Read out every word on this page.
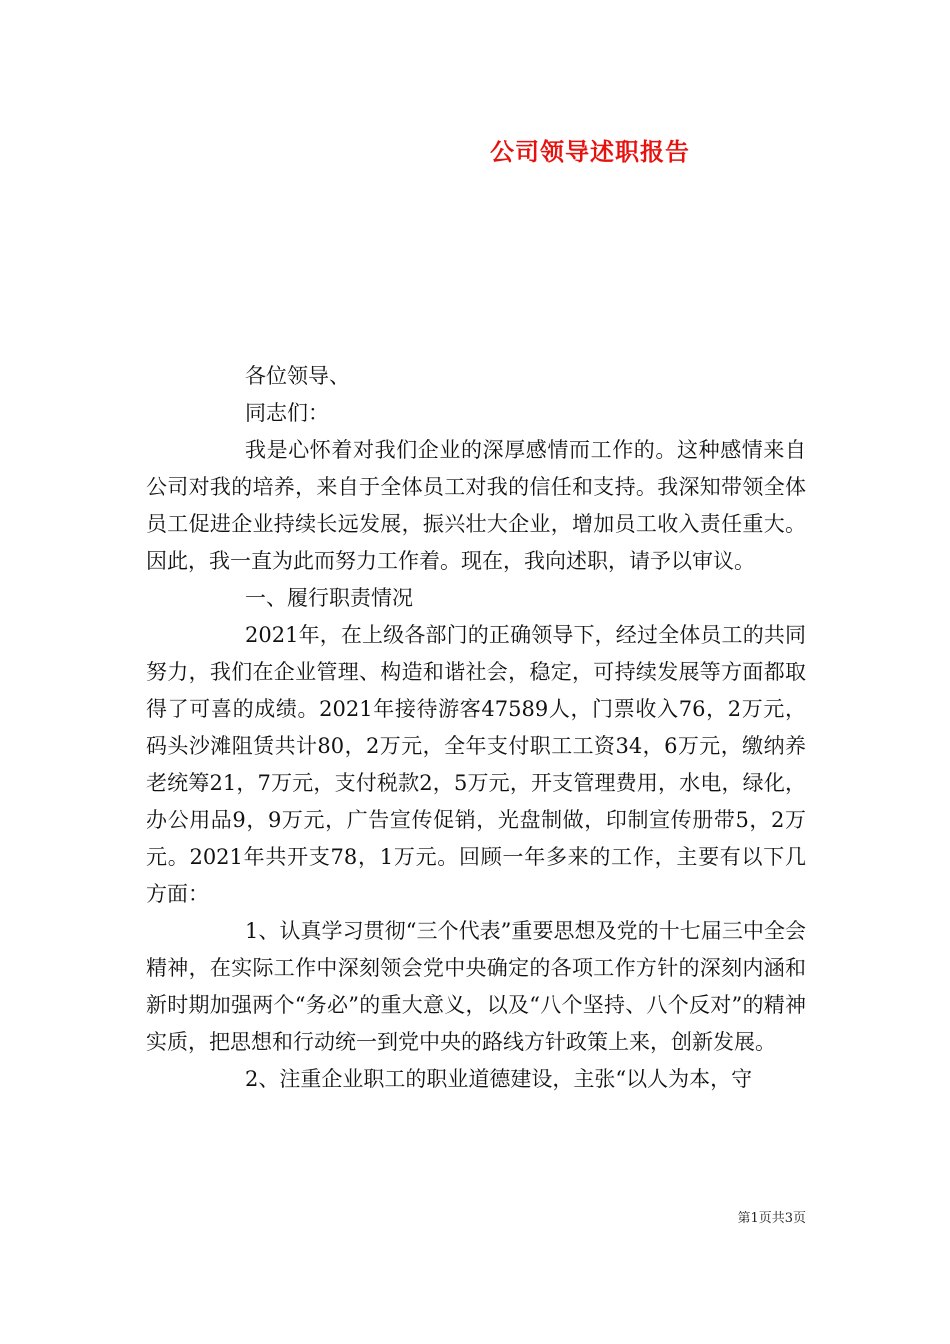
公司领导述职报告

各位领导、

同志们：

我是心怀着对我们企业的深厚感情而工作的。这种感情来自公司对我的培养，来自于全体员工对我的信任和支持。我深知带领全体员工促进企业持续长远发展，振兴壮大企业，增加员工收入责任重大。因此，我一直为此而努力工作着。现在，我向述职，请予以审议。

一、履行职责情况

2021年，在上级各部门的正确领导下，经过全体员工的共同努力，我们在企业管理、构造和谐社会，稳定，可持续发展等方面都取得了可喜的成绩。2021年接待游客47589人，门票收入76，2万元，码头沙滩阻赁共计80，2万元，全年支付职工工资34，6万元，缴纳养老统筹21，7万元，支付税款2，5万元，开支管理费用，水电，绿化，办公用品9，9万元，广告宣传促销，光盘制做，印制宣传册带5，2万元。2021年共开支78，1万元。回顾一年多来的工作，主要有以下几方面：

1、认真学习贯彻“三个代表”重要思想及党的十七届三中全会精神，在实际工作中深刻领会党中央确定的各项工作方针的深刻内涵和新时期加强两个“务必”的重大意义，以及“八个坚持、八个反对”的精神实质，把思想和行动统一到党中央的路线方针政策上来，创新发展。

2、注重企业职工的职业道德建设，主张“以人为本，守

第1页共3页
